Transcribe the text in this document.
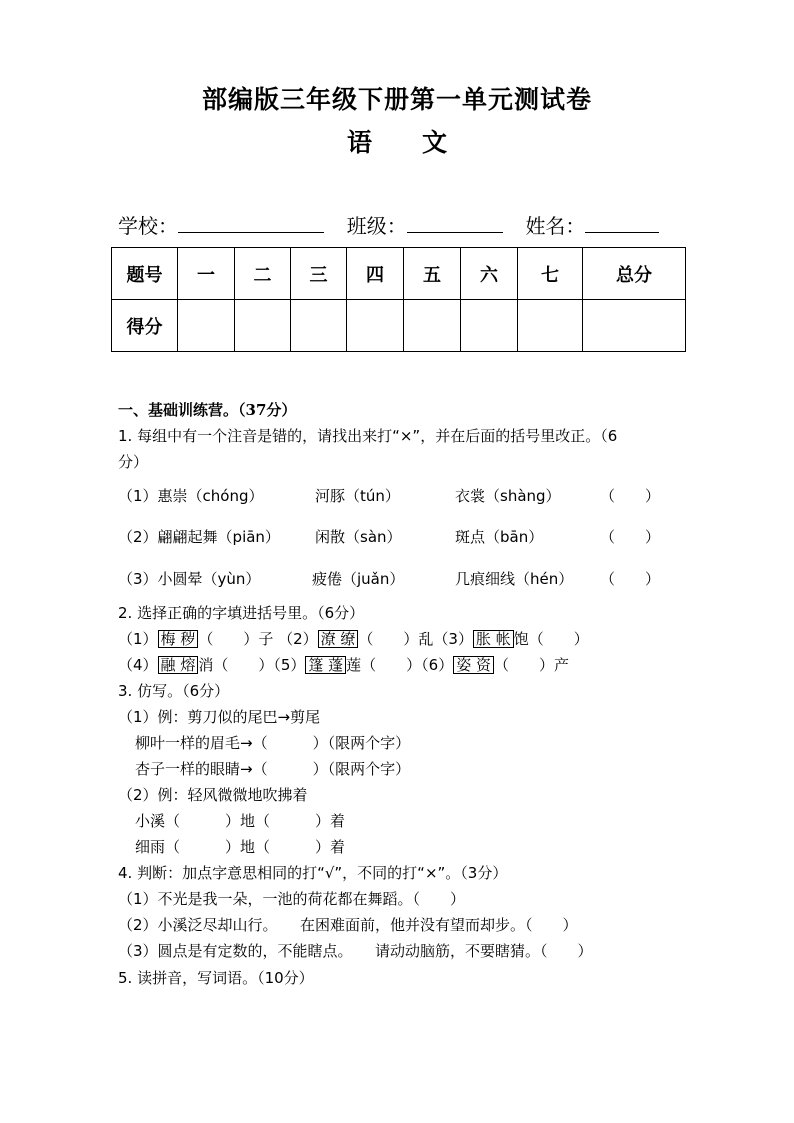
部编版三年级下册第一单元测试卷
语　　文
学校：	班级：	姓名：
题号	一	二	三	四	五	六	七	总分
得分								
一、基础训练营。（37分）
1. 每组中有一个注音是错的，请找出来打“×”，并在后面的括号里改正。（6
分）
（1）惠崇（chóng）	河豚（tún）	衣裳（shàng）	（　　）
（2）翩翩起舞（piān） 闲散（sàn）	斑点（bān）	（　　）
（3）小圆晕（yùn）	疲倦（juǎn）	几痕细线（hén） （　　）
2. 选择正确的字填进括号里。（6分）
（1） 梅 秽 （　　）子 （2） 潦 缭 （　　）乱（3） 胀 帐 饱（　　）
（4） 融 熔 消（　　）（5） 篷 蓬 莲（　　）（6） 姿 资 （　　）产
3. 仿写。（6分）
（1）例：剪刀似的尾巴→剪尾
柳叶一样的眉毛→（　　　）（限两个字）
杏子一样的眼睛→（　　　）（限两个字）
（2）例：轻风微微地吹拂着
小溪（　　　）地（　　　）着
细雨（　　　）地（　　　）着
4. 判断：加点字意思相同的打“√”，不同的打“×”。（3分）
（1）不光是我一朵，一池的荷花都在舞蹈。（　　）
（2）小溪泛尽却山行。　　在困难面前，他并没有望而却步。（　　）
（3）圆点是有定数的，不能瞎点。　　请动动脑筋，不要瞎猜。（　　）
5. 读拼音，写词语。（10分）
